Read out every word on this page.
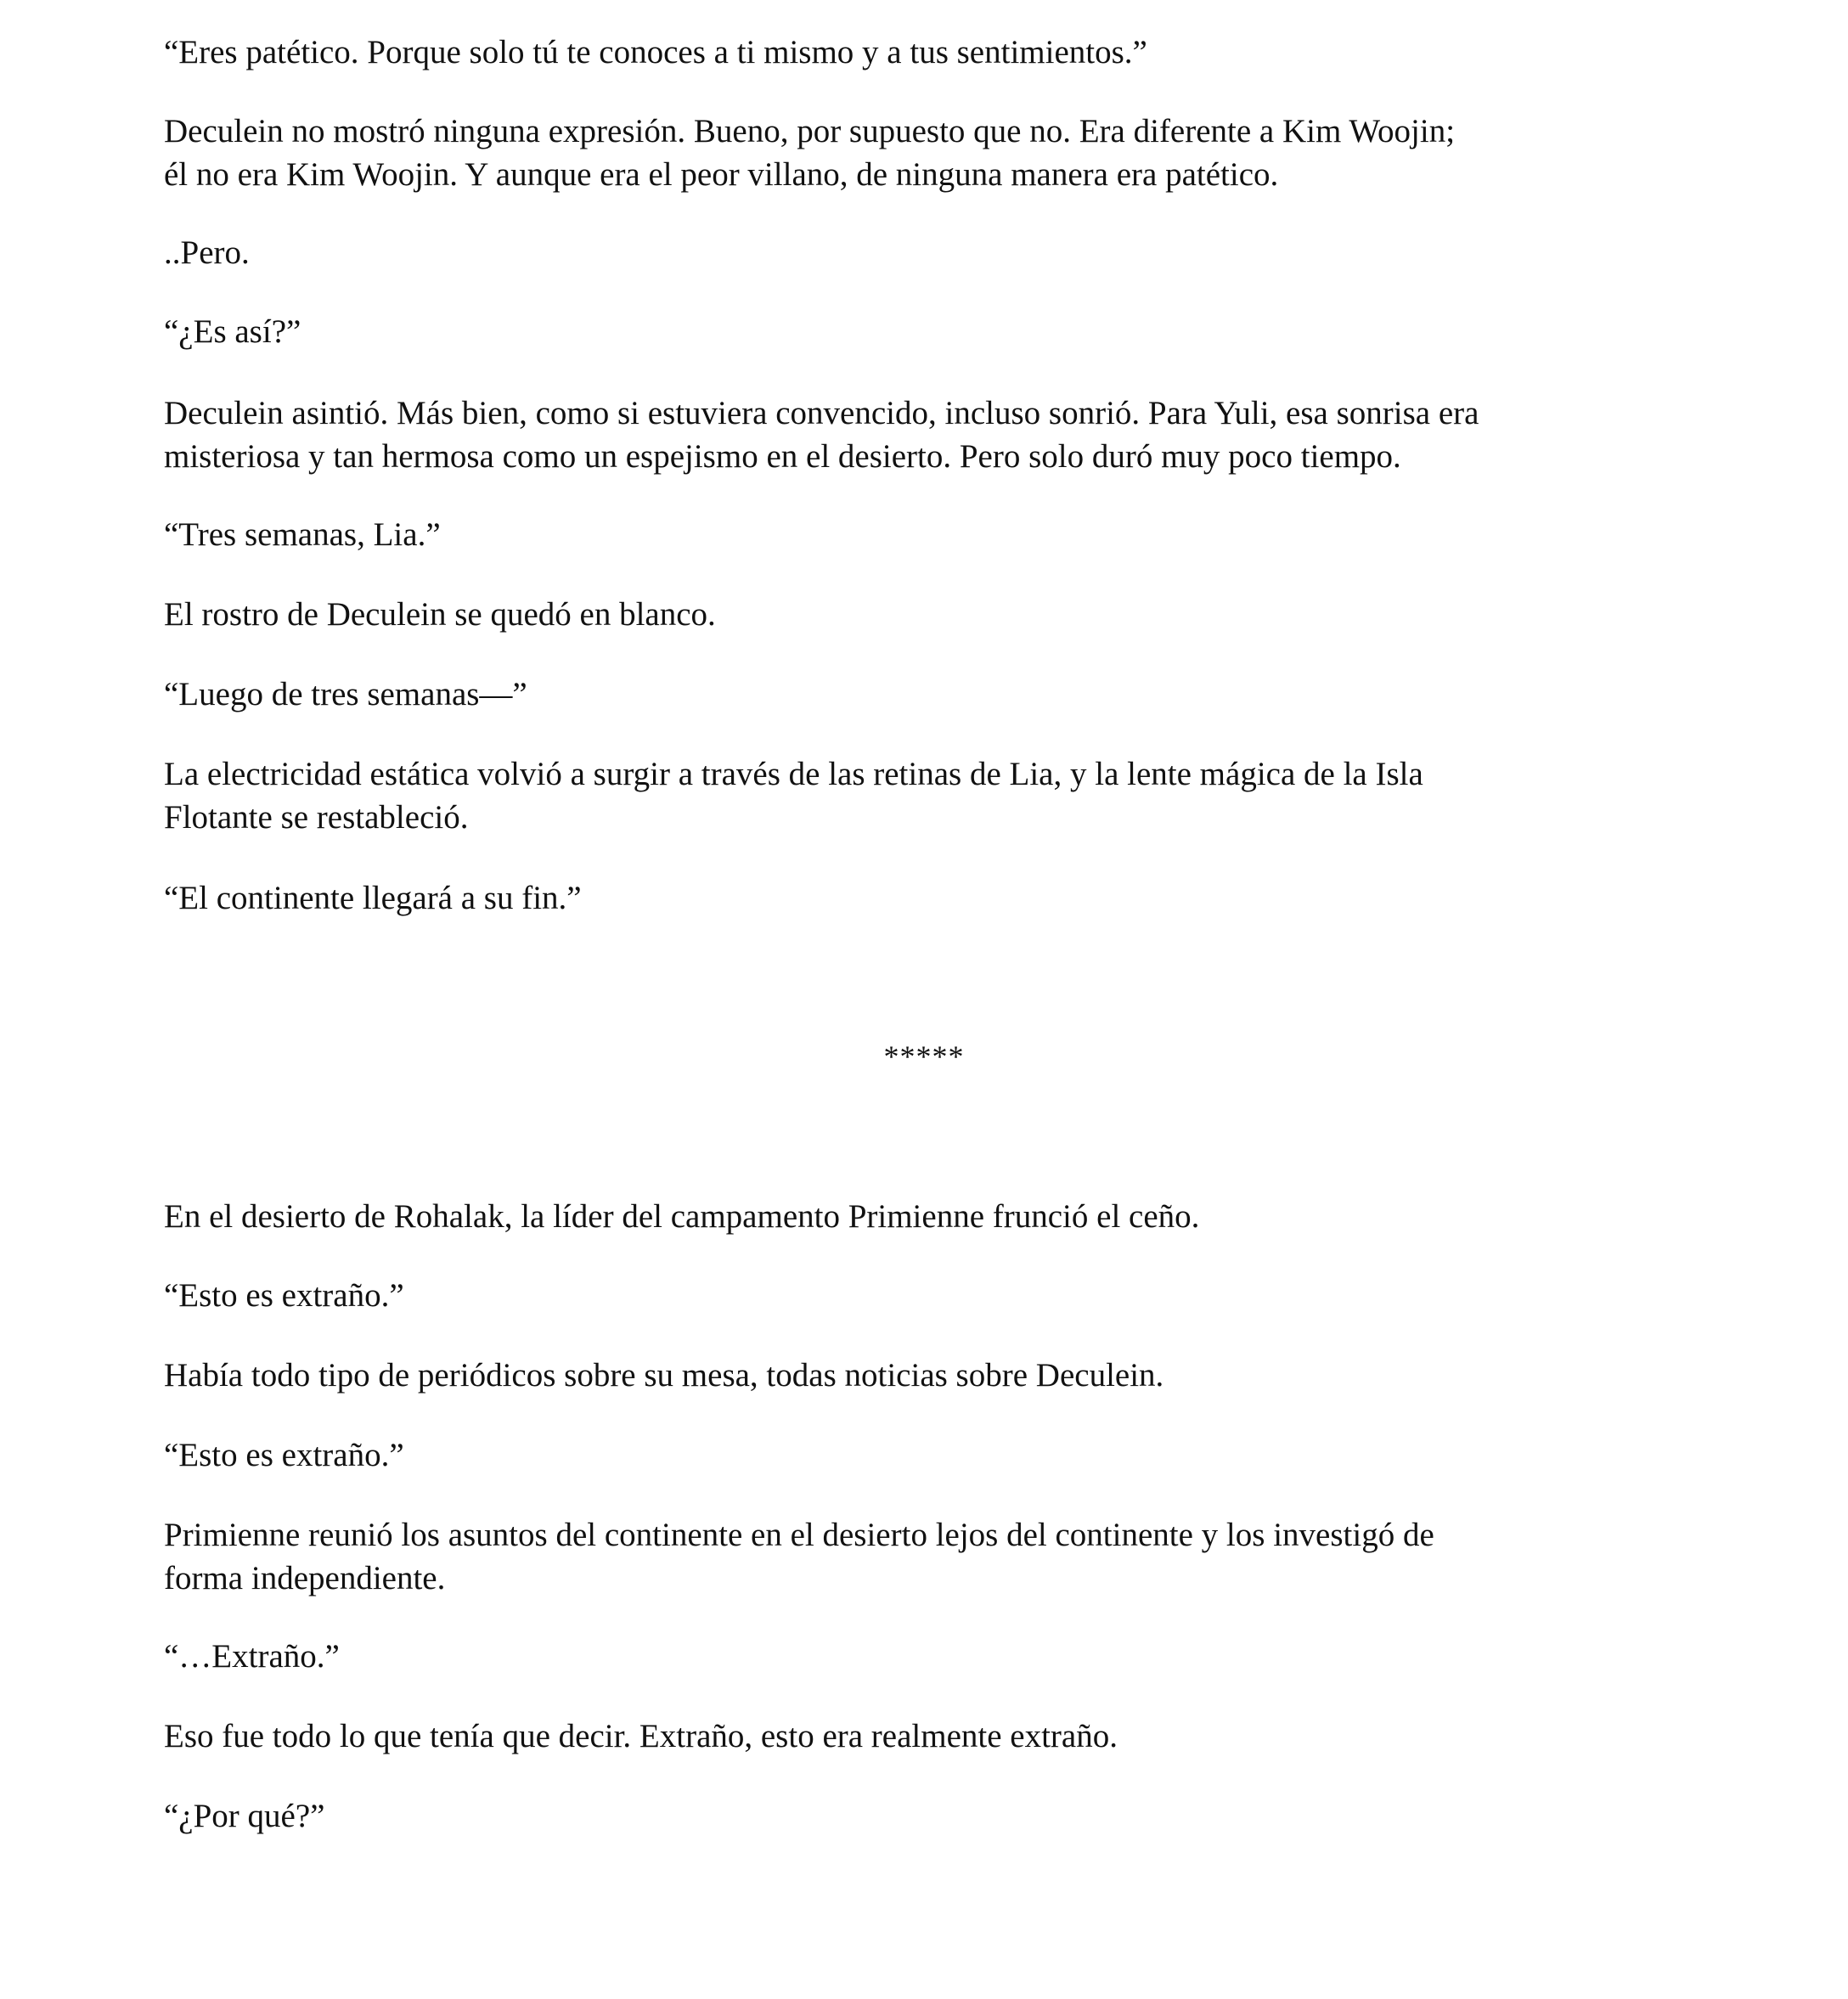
“Eres patético. Porque solo tú te conoces a ti mismo y a tus sentimientos.”

Deculein no mostró ninguna expresión. Bueno, por supuesto que no. Era diferente a Kim Woojin;
él no era Kim Woojin. Y aunque era el peor villano, de ninguna manera era patético.

..Pero.

“¿Es así?”

Deculein asintió. Más bien, como si estuviera convencido, incluso sonrió. Para Yuli, esa sonrisa era
misteriosa y tan hermosa como un espejismo en el desierto. Pero solo duró muy poco tiempo.

“Tres semanas, Lia.”

El rostro de Deculein se quedó en blanco.

“Luego de tres semanas—”

La electricidad estática volvió a surgir a través de las retinas de Lia, y la lente mágica de la Isla
Flotante se restableció.

“El continente llegará a su fin.”

*****

En el desierto de Rohalak, la líder del campamento Primienne frunció el ceño.

“Esto es extraño.”

Había todo tipo de periódicos sobre su mesa, todas noticias sobre Deculein.

“Esto es extraño.”

Primienne reunió los asuntos del continente en el desierto lejos del continente y los investigó de
forma independiente.

“…Extraño.”

Eso fue todo lo que tenía que decir. Extraño, esto era realmente extraño.

“¿Por qué?”
